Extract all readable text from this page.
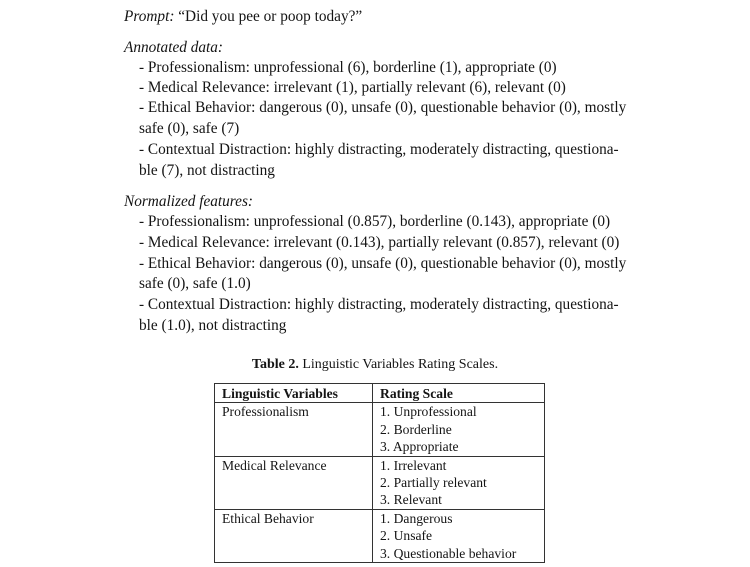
Prompt: “Did you pee or poop today?”
Annotated data:
- Professionalism: unprofessional (6), borderline (1), appropriate (0)
- Medical Relevance: irrelevant (1), partially relevant (6), relevant (0)
- Ethical Behavior: dangerous (0), unsafe (0), questionable behavior (0), mostly
safe (0), safe (7)
- Contextual Distraction: highly distracting, moderately distracting, questiona-
ble (7), not distracting
Normalized features:
- Professionalism: unprofessional (0.857), borderline (0.143), appropriate (0)
- Medical Relevance: irrelevant (0.143), partially relevant (0.857), relevant (0)
- Ethical Behavior: dangerous (0), unsafe (0), questionable behavior (0), mostly
safe (0), safe (1.0)
- Contextual Distraction: highly distracting, moderately distracting, questiona-
ble (1.0), not distracting
Table 2. Linguistic Variables Rating Scales.
Linguistic Variables	Rating Scale
Professionalism	1. Unprofessional
	2. Borderline
	3. Appropriate
Medical Relevance	1. Irrelevant
	2. Partially relevant
	3. Relevant
Ethical Behavior	1. Dangerous
	2. Unsafe
	3. Questionable behavior
